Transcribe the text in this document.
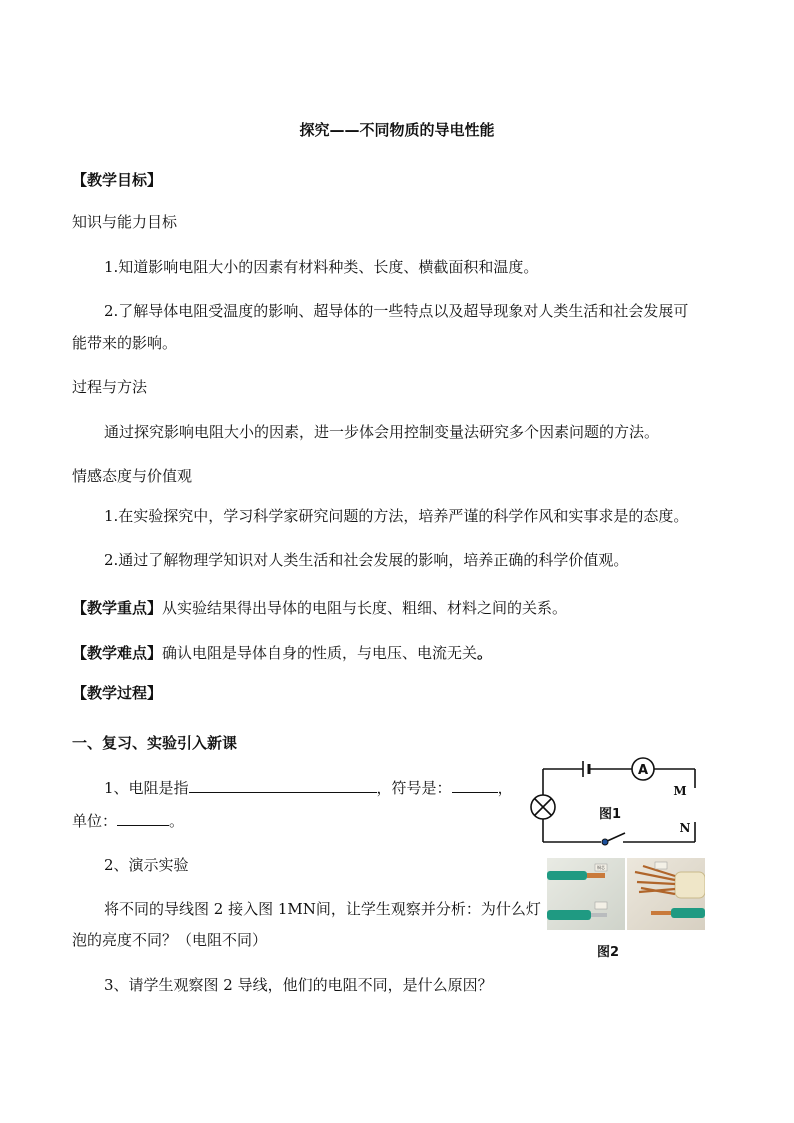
探究——不同物质的导电性能
【教学目标】
知识与能力目标
1.知道影响电阻大小的因素有材料种类、长度、横截面积和温度。
2.了解导体电阻受温度的影响、超导体的一些特点以及超导现象对人类生活和社会发展可
能带来的影响。
过程与方法
通过探究影响电阻大小的因素，进一步体会用控制变量法研究多个因素问题的方法。
情感态度与价值观
1.在实验探究中，学习科学家研究问题的方法，培养严谨的科学作风和实事求是的态度。
2.通过了解物理学知识对人类生活和社会发展的影响，培养正确的科学价值观。
【教学重点】从实验结果得出导体的电阻与长度、粗细、材料之间的关系。
【教学难点】确认电阻是导体自身的性质，与电压、电流无关。
【教学过程】
一、复习、实验引入新课
1、电阻是指	，符号是：	，
单位：	。
2、演示实验
将不同的导线图 2 接入图 1MN间，让学生观察并分析：为什么灯
泡的亮度不同？（电阻不同）
3、请学生观察图 2 导线，他们的电阻不同，是什么原因？
A
M
N
图1
铜芯
图2
